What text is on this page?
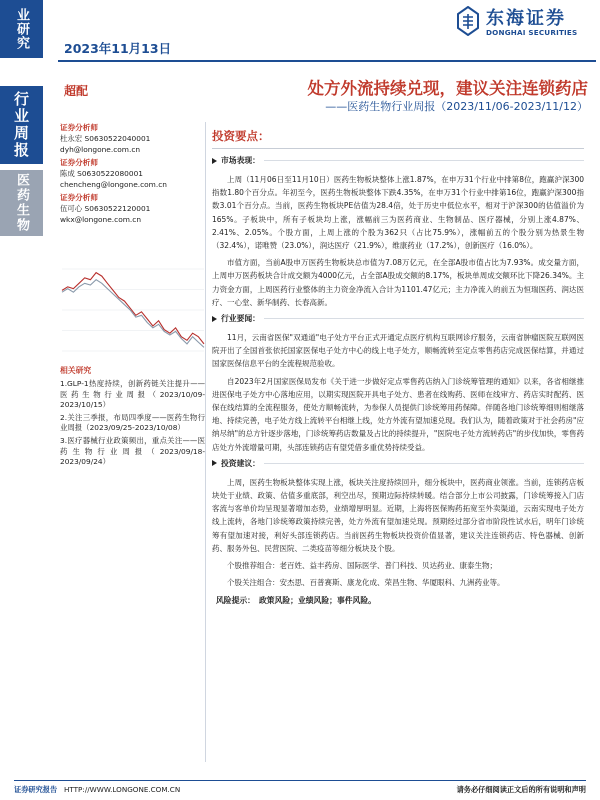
业研究
行业周报
医药生物
2023年11月13日
东海证券
DONGHAI SECURITIES
超配	处方外流持续兑现，建议关注连锁药店
——医药生物行业周报（2023/11/06-2023/11/12）
证券分析师
杜永宏 S0630522040001
dyh@longone.com.cn
证券分析师
陈成 S0630522080001
chencheng@longone.com.cn
证券分析师
伍可心 S0630522120001
wkx@longone.com.cn
相关研究
1.GLP-1热度持续，创新药链关注提升——医药生物行业周报（2023/10/09-2023/10/15）
2.关注三季报，布局四季度——医药生物行业周报（2023/09/25-2023/10/08）
3.医疗器械行业政策频出，重点关注——医药生物行业周报（2023/09/18-2023/09/24）
投资要点：
市场表现：

上周（11月06日至11月10日）医药生物板块整体上涨1.87%，在申万31个行业中排第8位，跑赢沪深300指数1.80个百分点。年初至今，医药生物板块整体下跌4.35%，在申万31个行业中排第16位，跑赢沪深300指数3.01个百分点。当前，医药生物板块PE估值为28.4倍，处于历史中低位水平，相对于沪深300的估值溢价为165%。子板块中，所有子板块均上涨，涨幅前三为医药商业、生物制品、医疗器械，分别上涨4.87%、2.41%、2.05%。个股方面，上周上涨的个股为362只（占比75.9%），涨幅前五的个股分别为热景生物（32.4%），诺唯赞（23.0%），润达医疗（21.9%），维康药业（17.2%），创新医疗（16.0%）。

市值方面，当前A股申万医药生物板块总市值为7.08万亿元，在全部A股市值占比为7.93%。成交量方面，上周申万医药板块合计成交额为4000亿元，占全部A股成交额的8.17%，板块单周成交额环比下降26.34%。主力资金方面，上周医药行业整体的主力资金净流入合计为1101.47亿元；主力净流入的前五为恒瑞医药、润达医疗、一心堂、新华制药、长春高新。

行业要闻：

11月，云南省医保"双通道"电子处方平台正式开通定点医疗机构互联网诊疗服务，云南省肿瘤医院互联网医院开出了全国首张依托国家医保电子处方中心的线上电子处方，顺畅流转至定点零售药店完成医保结算，并通过国家医保信息平台的全流程规范验收。

自2023年2月国家医保局发布《关于进一步做好定点零售药店纳入门诊统筹管理的通知》以来，各省相继推进医保电子处方中心落地应用，以期实现医院开具电子处方、患者在线购药、医师在线审方、药店实时配药、医保在线结算的全流程服务，使处方顺畅流转，为参保人员提供门诊统筹用药保障。伴随各地门诊统筹细则相继落地、持续完善，电子处方线上流转平台相继上线，处方外流有望加速兑现。我们认为，随着政策对于社会药房"应纳尽纳"的总方针逐步落地，门诊统筹药店数量及占比的持续提升，"医院电子处方流转药店"的步伐加快，零售药店处方外流增量可期，头部连锁药店有望凭借多重优势持续受益。

投资建议：

上周，医药生物板块整体实现上涨，板块关注度持续回升，细分板块中，医药商业领涨。当前，连锁药店板块处于业绩、政策、估值多重底部，利空出尽，预期边际持续转暖。结合部分上市公司披露，门诊统筹接入门店客流与客单价均呈现显著增加态势，业绩增厚明显。近期，上海将医保购药拓宽至外卖渠道，云南实现电子处方线上流转，各地门诊统筹政策持续完善，处方外流有望加速兑现。预期经过部分省市阶段性试水后，明年门诊统筹有望加速对接，利好头部连锁药店。当前医药生物板块投资价值显著，建议关注连锁药店、特色器械、创新药、服务外包、民营医院、二类疫苗等细分板块及个股。

个股推荐组合：老百姓、益丰药房、国际医学、普门科技、贝达药业、康泰生物；

个股关注组合：安杰思、百普赛斯、康龙化成、荣昌生物、华厦眼科、九洲药业等。

风险提示： 政策风险；业绩风险；事件风险。
证券研究报告 HTTP://WWW.LONGONE.COM.CN	请务必仔细阅读正文后的所有说明和声明
